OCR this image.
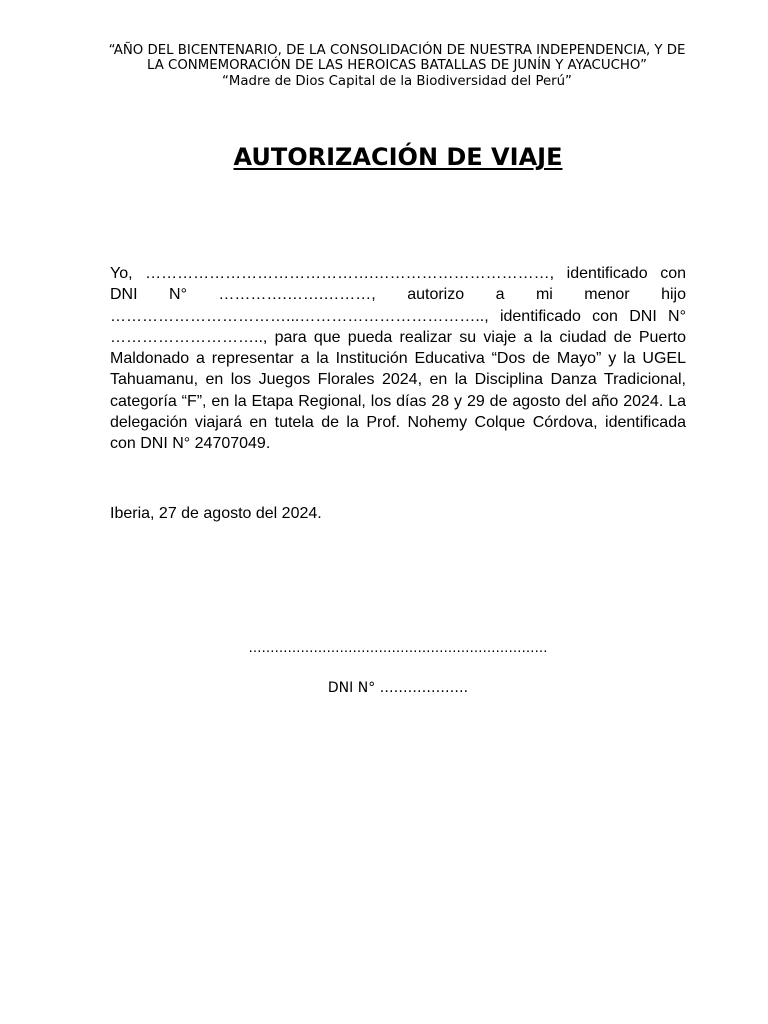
“AÑO DEL BICENTENARIO, DE LA CONSOLIDACIÓN DE NUESTRA INDEPENDENCIA, Y DE LA CONMEMORACIÓN DE LAS HEROICAS BATALLAS DE JUNÍN Y AYACUCHO”
“Madre de Dios Capital de la Biodiversidad del Perú”
AUTORIZACIÓN DE VIAJE

Yo, …………………………………….……………………………, identificado con DNI N° ………….…….………, autorizo a mi menor hijo ……………………………...…………………………….., identificado con DNI N° ……………………….., para que pueda realizar su viaje a la ciudad de Puerto Maldonado a representar a la Institución Educativa “Dos de Mayo” y la UGEL Tahuamanu, en los Juegos Florales 2024, en la Disciplina Danza Tradicional, categoría “F”, en la Etapa Regional, los días 28 y 29 de agosto del año 2024. La delegación viajará en tutela de la Prof. Nohemy Colque Córdova, identificada con DNI N° 24707049.

Iberia, 27 de agosto del 2024.

……………………………………………………………
DNI N° ……………….
